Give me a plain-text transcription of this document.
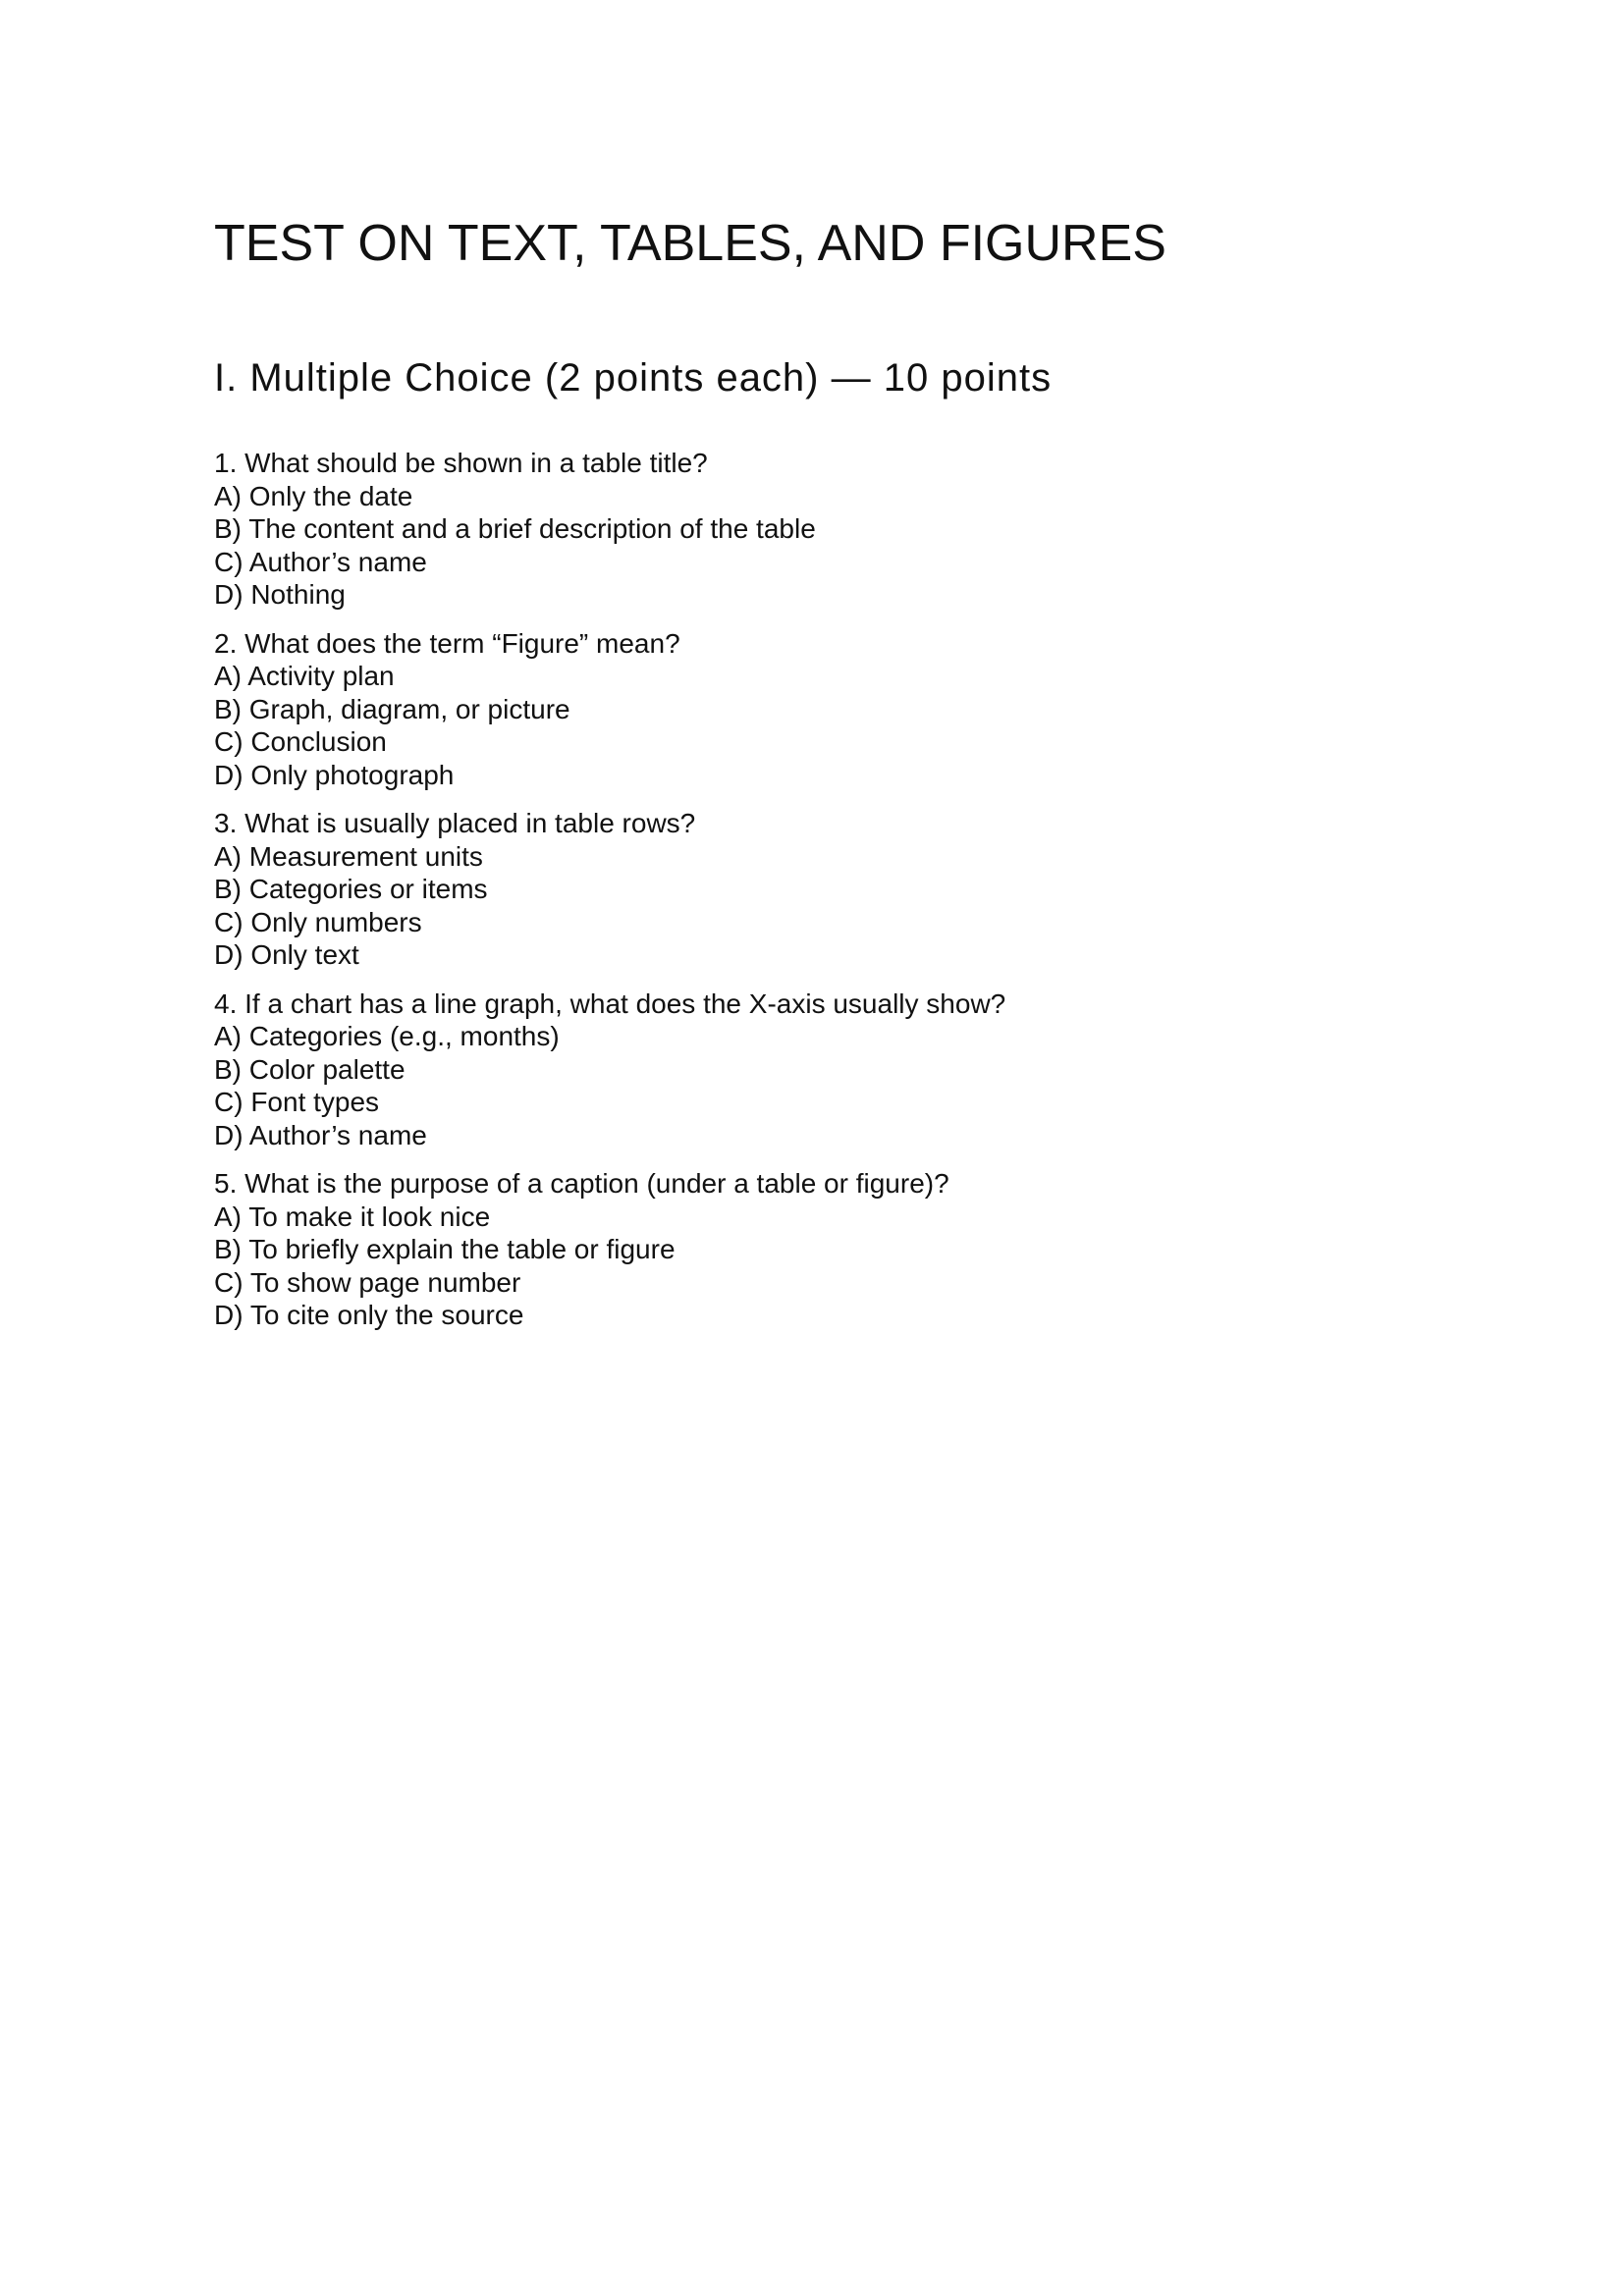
TEST ON TEXT, TABLES, AND FIGURES
I. Multiple Choice (2 points each) — 10 points
1. What should be shown in a table title?
A) Only the date
B) The content and a brief description of the table
C) Author’s name
D) Nothing
2. What does the term “Figure” mean?
A) Activity plan
B) Graph, diagram, or picture
C) Conclusion
D) Only photograph
3. What is usually placed in table rows?
A) Measurement units
B) Categories or items
C) Only numbers
D) Only text
4. If a chart has a line graph, what does the X-axis usually show?
A) Categories (e.g., months)
B) Color palette
C) Font types
D) Author’s name
5. What is the purpose of a caption (under a table or figure)?
A) To make it look nice
B) To briefly explain the table or figure
C) To show page number
D) To cite only the source
